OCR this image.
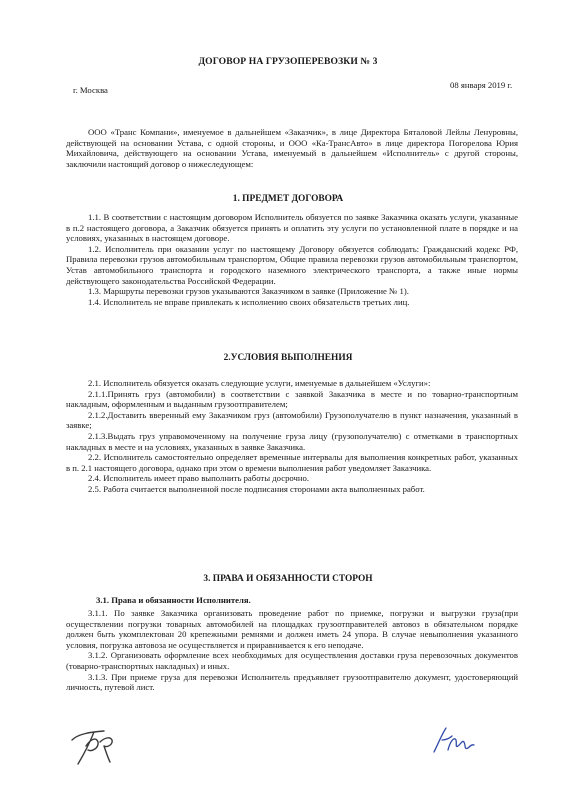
ДОГОВОР НА ГРУЗОПЕРЕВОЗКИ № 3
г. Москва	08 января 2019 г.

ООО «Транс Компани», именуемое в дальнейшем «Заказчик», в лице Директора Бяталовой Лейлы Ленуровны, действующей на основании Устава, с одной стороны, и ООО «Ка-ТрансАвто» в лице директора Погорелова Юрия Михайловича, действующего на основании Устава, именуемый в дальнейшем «Исполнитель» с другой стороны, заключили настоящий договор о нижеследующем:

1. ПРЕДМЕТ ДОГОВОРА

1.1. В соответствии с настоящим договором Исполнитель обязуется по заявке Заказчика оказать услуги, указанные в п.2 настоящего договора, а Заказчик обязуется принять и оплатить эту услуги по установленной плате в порядке и на условиях, указанных в настоящем договоре.

1.2. Исполнитель при оказании услуг по настоящему Договору обязуется соблюдать: Гражданский кодекс РФ, Правила перевозки грузов автомобильным транспортом, Общие правила перевозки грузов автомобильным транспортом, Устав автомобильного транспорта и городского наземного электрического транспорта, а также иные нормы действующего законодательства Российской Федерации.

1.3. Маршруты перевозки грузов указываются Заказчиком в заявке (Приложение № 1).

1.4. Исполнитель не вправе привлекать к исполнению своих обязательств третьих лиц.

2.УСЛОВИЯ ВЫПОЛНЕНИЯ

2.1. Исполнитель обязуется оказать следующие услуги, именуемые в дальнейшем «Услуги»:

2.1.1.Принять груз (автомобили) в соответствии с заявкой Заказчика в месте и по товарно-транспортным накладным, оформленным и выданным грузоотправителем;

2.1.2.Доставить вверенный ему Заказчиком груз (автомобили) Грузополучателю в пункт назначения, указанный в заявке;

2.1.3.Выдать груз управомоченному на получение груза лицу (грузополучателю) с отметками в транспортных накладных в месте и на условиях, указанных в заявке Заказчика.

2.2. Исполнитель самостоятельно определяет временные интервалы для выполнения конкретных работ, указанных в п. 2.1 настоящего договора, однако при этом о времени выполнения работ уведомляет Заказчика.

2.4. Исполнитель имеет право выполнить работы досрочно.

2.5. Работа считается выполненной после подписания сторонами акта выполненных работ.

3. ПРАВА И ОБЯЗАННОСТИ СТОРОН
3.1. Права и обязанности Исполнителя.

3.1.1. По заявке Заказчика организовать проведение работ по приемке, погрузки и выгрузки груза(при осуществлении погрузки товарных автомобилей на площадках грузоотправителей автовоз в обязательном порядке должен быть укомплектован 20 крепежными ремнями и должен иметь 24 упора. В случае невыполнения указанного условия, погрузка автовоза не осуществляется и приравнивается к его неподаче.

3.1.2. Организовать оформление всех необходимых для осуществления доставки груза перевозочных документов (товарно-транспортных накладных) и иных.

3.1.3. При приеме груза для перевозки Исполнитель предъявляет грузоотправителю документ, удостоверяющий личность, путевой лист.
